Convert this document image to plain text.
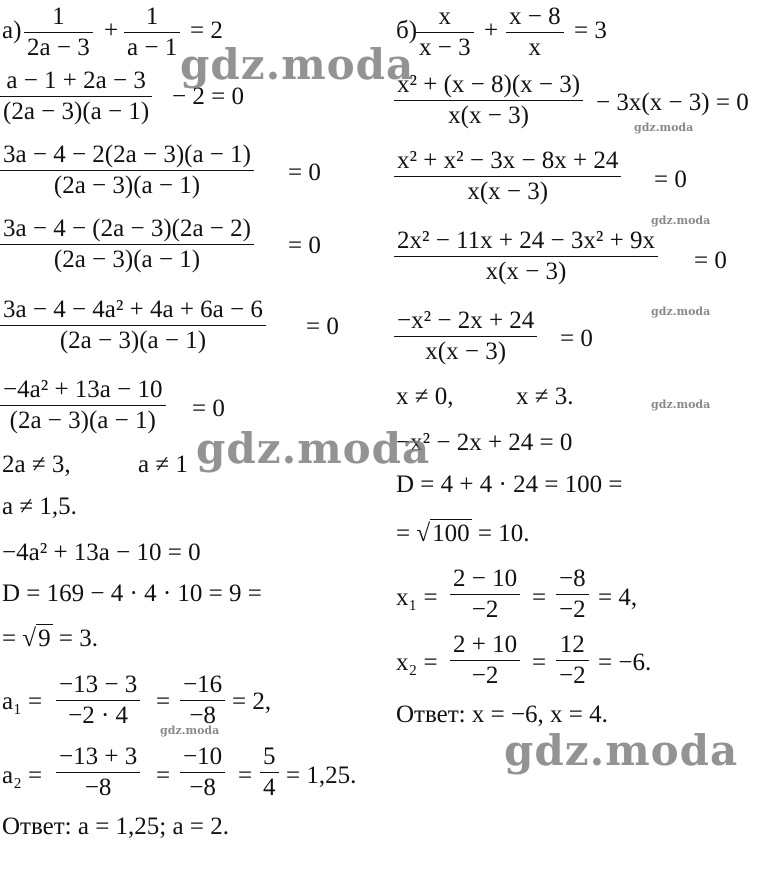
а)
1
2a − 3
+
1
a − 1
= 2
a − 1 + 2a − 3
(2a − 3)(a − 1)
− 2 = 0
3a − 4 − 2(2a − 3)(a − 1)
(2a − 3)(a − 1)	= 0
3a − 4 − (2a − 3)(2a − 2)
(2a − 3)(a − 1)
= 0
3a − 4 − 4a² + 4a + 6a − 6
(2a − 3)(a − 1)
= 0
−4a² + 13a − 10
(2a − 3)(a − 1) = 0
2a ≠ 3,	a ≠ 1
a ≠ 1,5.
−4a² + 13a − 10 = 0
D = 169 − 4 · 4 · 10 = 9 =
= √9 = 3.
a₁ =
−13 − 3
−2 · 4
=
−16
−8
= 2,
a₂ =
−13 + 3
−8 =
−10
−8 =
5
4 = 1,25.
Ответ: a = 1,25; a = 2.
б)
x
x − 3
+
x − 8
x
= 3
x² + (x − 8)(x − 3)
x(x − 3)	− 3x(x − 3) = 0
x² + x² − 3x − 8x + 24
x(x − 3)	= 0
2x² − 11x + 24 − 3x² + 9x
x(x − 3)	= 0
−x² − 2x + 24
x(x − 3) = 0
x ≠ 0,	x ≠ 3.
−x² − 2x + 24 = 0
D = 4 + 4 · 24 = 100 =
= √100 = 10.
x₁ =
2 − 10
−2 =
−8
−2 = 4,
x₂ =
2 + 10
−2 =
12
−2 = −6.
Ответ: x = −6, x = 4.
gdz.moda
gdz.moda
gdz.moda
gdz.moda
gdz.moda
gdz.moda
gdz.moda
gdz.moda
